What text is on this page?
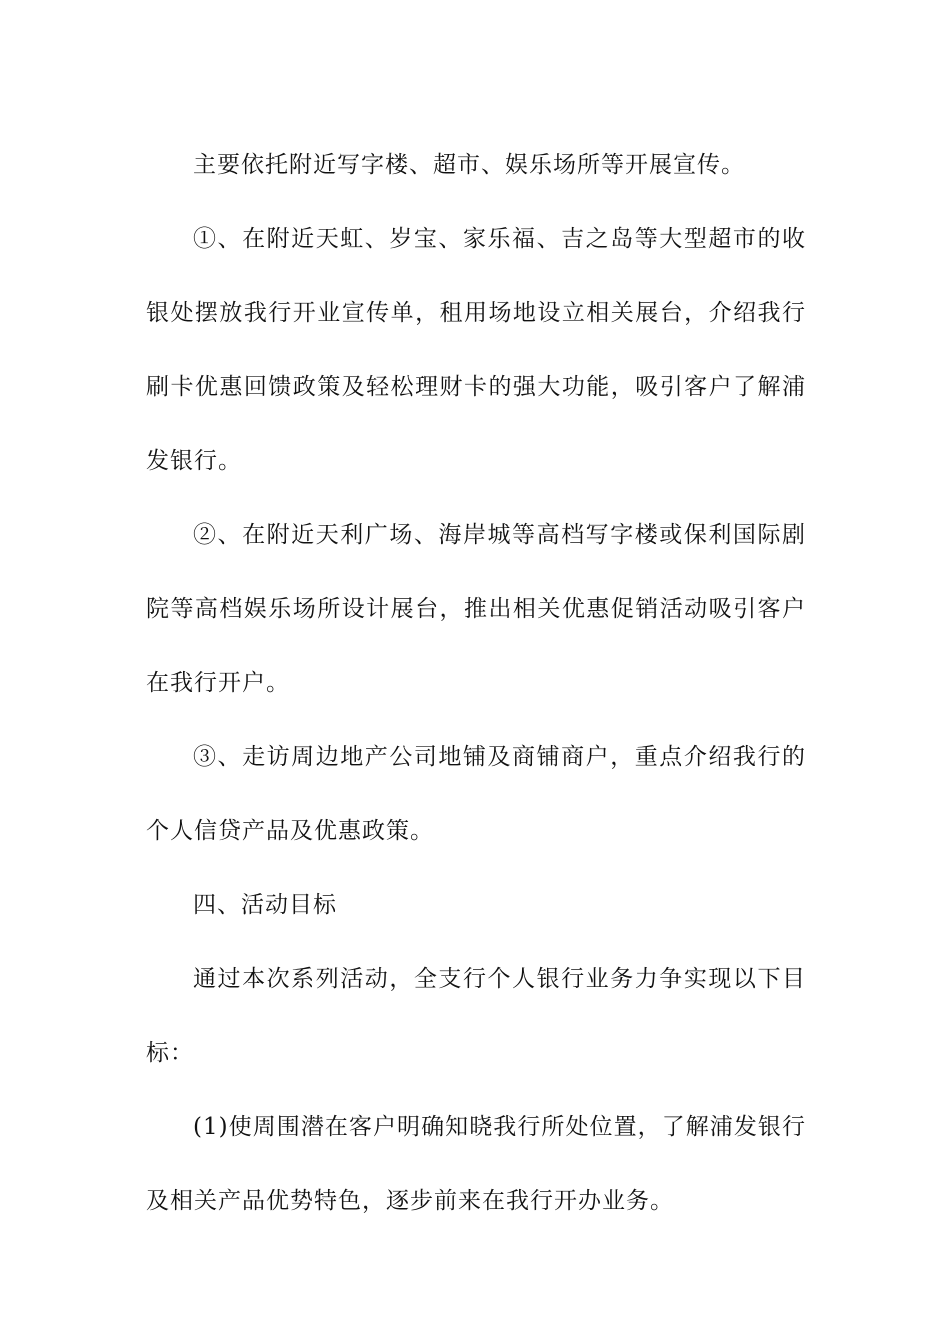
主要依托附近写字楼、超市、娱乐场所等开展宣传。

①、在附近天虹、岁宝、家乐福、吉之岛等大型超市的收银处摆放我行开业宣传单，租用场地设立相关展台，介绍我行刷卡优惠回馈政策及轻松理财卡的强大功能，吸引客户了解浦发银行。

②、在附近天利广场、海岸城等高档写字楼或保利国际剧院等高档娱乐场所设计展台，推出相关优惠促销活动吸引客户在我行开户。

③、走访周边地产公司地铺及商铺商户，重点介绍我行的个人信贷产品及优惠政策。

四、活动目标

通过本次系列活动，全支行个人银行业务力争实现以下目标：

(1)使周围潜在客户明确知晓我行所处位置，了解浦发银行及相关产品优势特色，逐步前来在我行开办业务。
